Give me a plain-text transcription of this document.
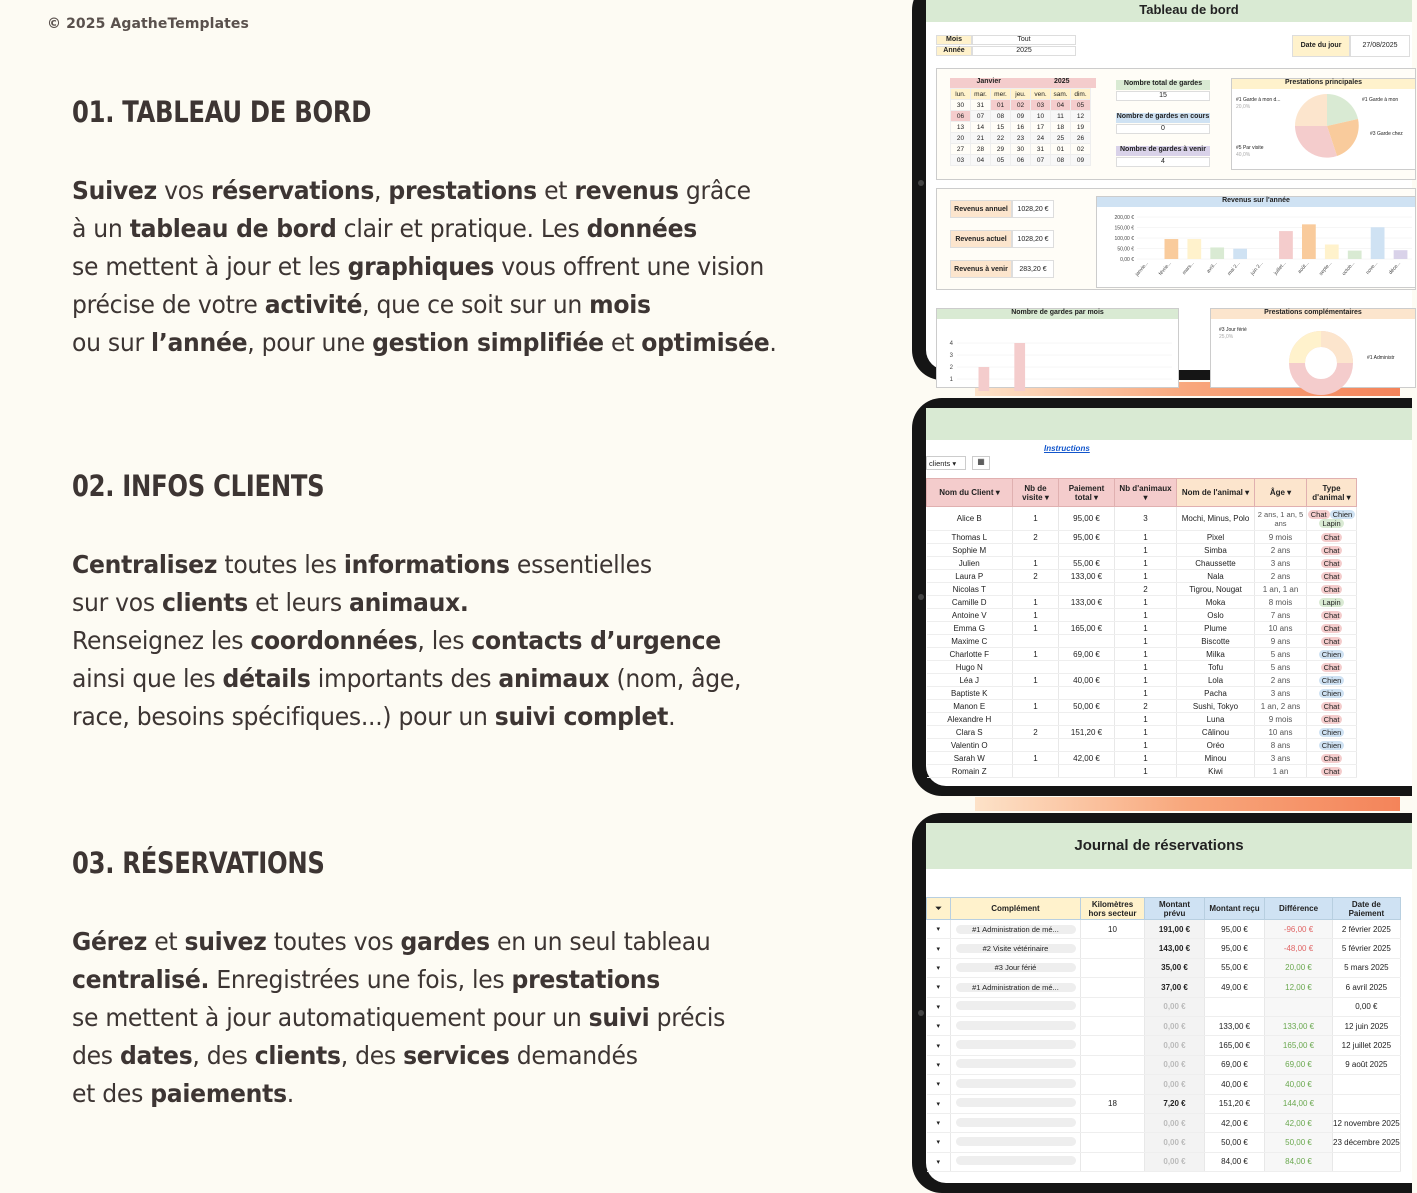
© 2025 AgatheTemplates
01. TABLEAU DE BORD
Suivez vos réservations, prestations et revenus grâce
à un tableau de bord clair et pratique. Les données
se mettent à jour et les graphiques vous offrent une vision
précise de votre activité, que ce soit sur un mois
ou sur l’année, pour une gestion simplifiée et optimisée.
02. INFOS CLIENTS
Centralisez toutes les informations essentielles
sur vos clients et leurs animaux.
Renseignez les coordonnées, les contacts d’urgence
ainsi que les détails importants des animaux (nom, âge,
race, besoins spécifiques...) pour un suivi complet.
03. RÉSERVATIONS
Gérez et suivez toutes vos gardes en un seul tableau
centralisé. Enregistrées une fois, les prestations
se mettent à jour automatiquement pour un suivi précis
des dates, des clients, des services demandés
et des paiements.
Tableau de bord
Mois	Tout
Année	2025
Date du jour	27/08/2025
Janvier	2025
lun.	mar.	mer.	jeu.	ven.	sam.	dim.
30	31	01	02	03	04	05
06	07	08	09	10	11	12
13	14	15	16	17	18	19
20	21	22	23	24	25	26
27	28	29	30	31	01	02
03	04	05	06	07	08	09
Nombre total de gardes
15
Nombre de gardes en cours
0
Nombre de gardes à venir
4
Prestations principales
#1 Garde à mon d...
20,0%
#1 Garde à mon
#3 Garde chez
#5 Par visite
40,0%
Revenus annuel	1028,20 €
Revenus actuel	1028,20 €
Revenus à venir	283,20 €
Revenus sur l'année
200,00 €
150,00 €
100,00 €
50,00 €
0,00 €
janvie... févrie... mars... avril... mai 2... juin 2... juillet... août... septe... octob... nove... déce...
Nombre de gardes par mois
4
3
2
1
Prestations complémentaires
#3 Jour férié
25,0%
#1 Administr
Instructions
clients ▾	▦
Nom du Client ▾	Nb de visite ▾	Paiement total ▾	Nb d'animaux ▾	Nom de l'animal ▾	Âge ▾	Type d'animal ▾
Alice B	1	95,00 €	3	Mochi, Minus, Polo	2 ans, 1 an, 5 ans	Chat ChienLapin
Thomas L	2	95,00 €	1	Pixel	9 mois	Chat
Sophie M			1	Simba	2 ans	Chat
Julien	1	55,00 €	1	Chaussette	3 ans	Chat
Laura P	2	133,00 €	1	Nala	2 ans	Chat
Nicolas T			2	Tigrou, Nougat	1 an, 1 an	Chat
Camille D	1	133,00 €	1	Moka	8 mois	Lapin
Antoine V	1		1	Oslo	7 ans	Chat
Emma G	1	165,00 €	1	Plume	10 ans	Chat
Maxime C			1	Biscotte	9 ans	Chat
Charlotte F	1	69,00 €	1	Milka	5 ans	Chien
Hugo N			1	Tofu	5 ans	Chat
Léa J	1	40,00 €	1	Lola	2 ans	Chien
Baptiste K			1	Pacha	3 ans	Chien
Manon E	1	50,00 €	2	Sushi, Tokyo	1 an, 2 ans	Chat
Alexandre H			1	Luna	9 mois	Chat
Clara S	2	151,20 €	1	Câlinou	10 ans	Chien
Valentin O			1	Oréo	8 ans	Chien
Sarah W	1	42,00 €	1	Minou	3 ans	Chat
Romain Z			1	Kiwi	1 an	Chat
Journal de réservations
⏷	Complément	Kilomètres hors secteur	Montant prévu	Montant reçu	Différence	Date de Paiement
▾	#1 Administration de mé...	10	191,00 €	95,00 €	-96,00 €	2 février 2025
▾	#2 Visite vétérinaire		143,00 €	95,00 €	-48,00 €	5 février 2025
▾	#3 Jour férié		35,00 €	55,00 €	20,00 €	5 mars 2025
▾	#1 Administration de mé...		37,00 €	49,00 €	12,00 €	6 avril 2025
▾			0,00 €			0,00 €
▾			0,00 €	133,00 €	133,00 €	12 juin 2025
▾			0,00 €	165,00 €	165,00 €	12 juillet 2025
▾			0,00 €	69,00 €	69,00 €	9 août 2025
▾			0,00 €	40,00 €	40,00 €	
▾		18	7,20 €	151,20 €	144,00 €	
▾			0,00 €	42,00 €	42,00 €	12 novembre 2025
▾			0,00 €	50,00 €	50,00 €	23 décembre 2025
▾			0,00 €	84,00 €	84,00 €	
